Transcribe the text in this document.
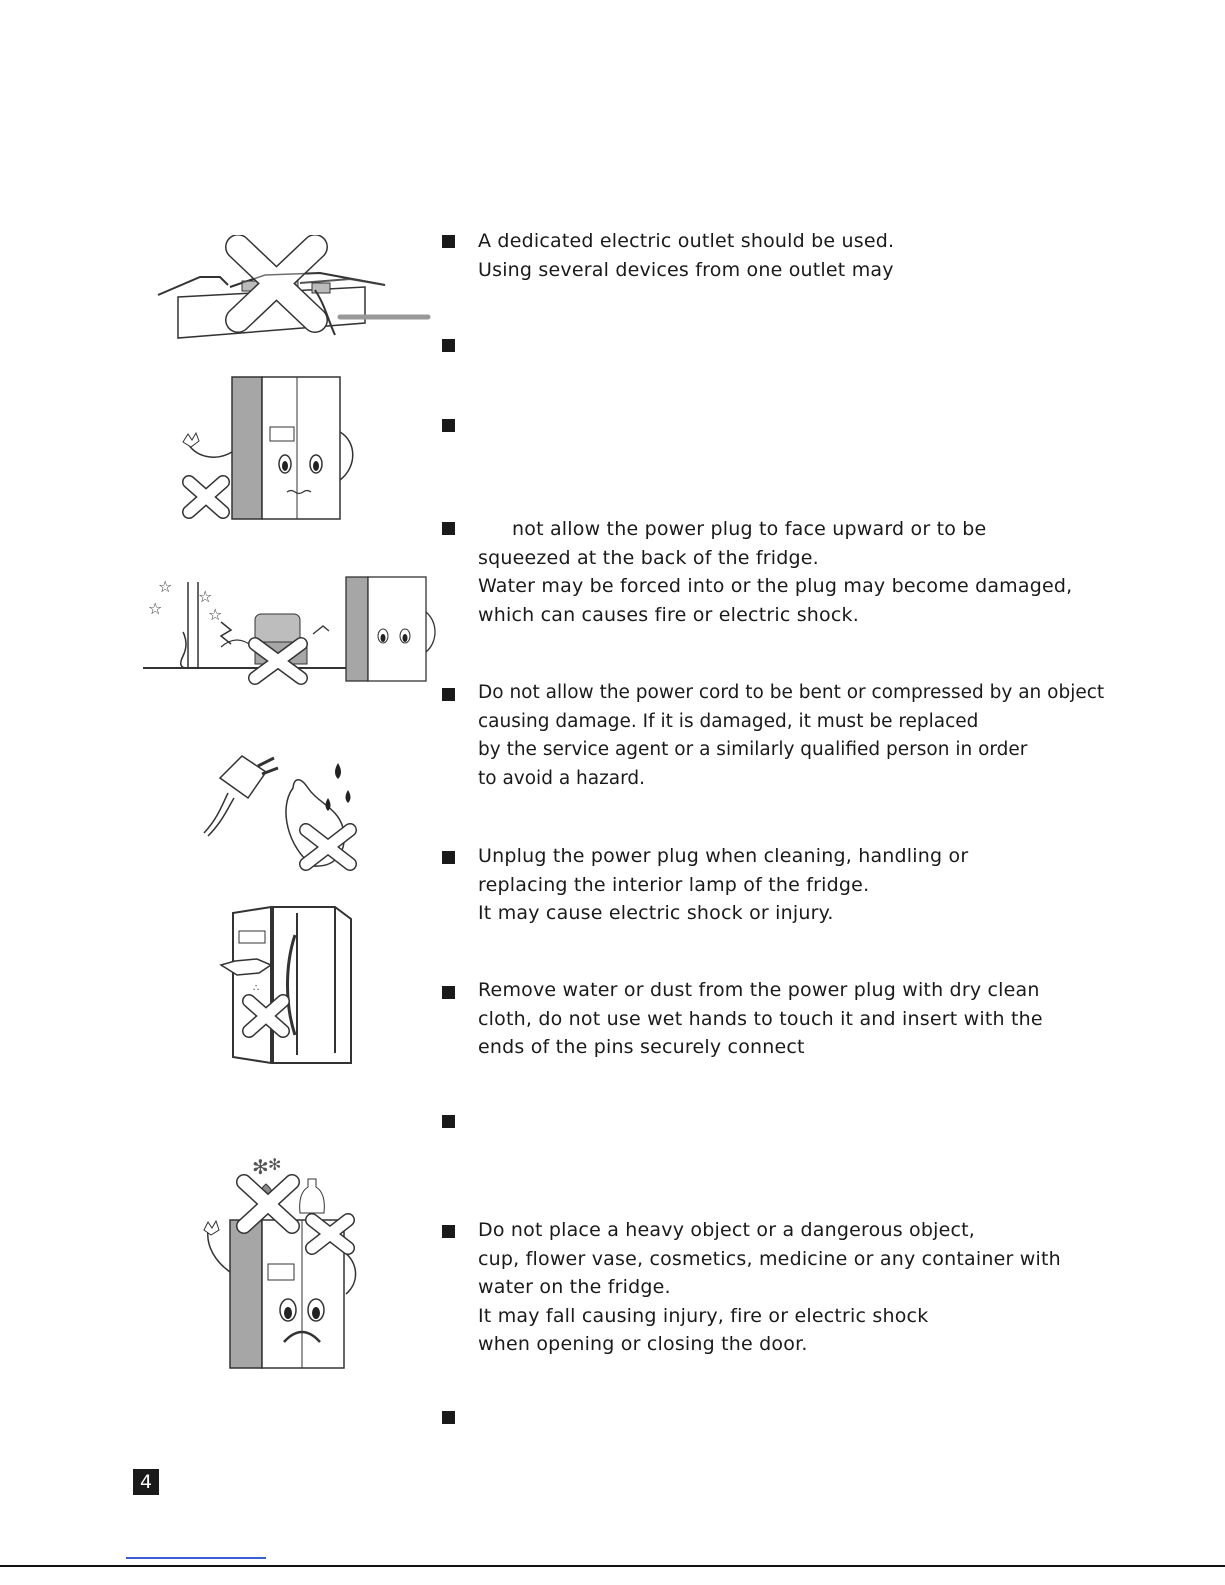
☆
☆
☆
☆
∴
✻ ✻
A dedicated electric outlet should be used.
Using several devices from one outlet may
not allow the power plug to face upward or to be
squeezed at the back of the fridge.
Water may be forced into or the plug may become damaged,
which can causes fire or electric shock.
Do not allow the power cord to be bent or compressed by an object
causing damage. If it is damaged, it must be replaced
by the service agent or a similarly qualified person in order
to avoid a hazard.
Unplug the power plug when cleaning, handling or
replacing the interior lamp of the fridge.
It may cause electric shock or injury.
Remove water or dust from the power plug with dry clean
cloth, do not use wet hands to touch it and insert with the
ends of the pins securely connect
Do not place a heavy object or a dangerous object,
cup, flower vase, cosmetics, medicine or any container with
water on the fridge.
It may fall causing injury, fire or electric shock
when opening or closing the door.
4
